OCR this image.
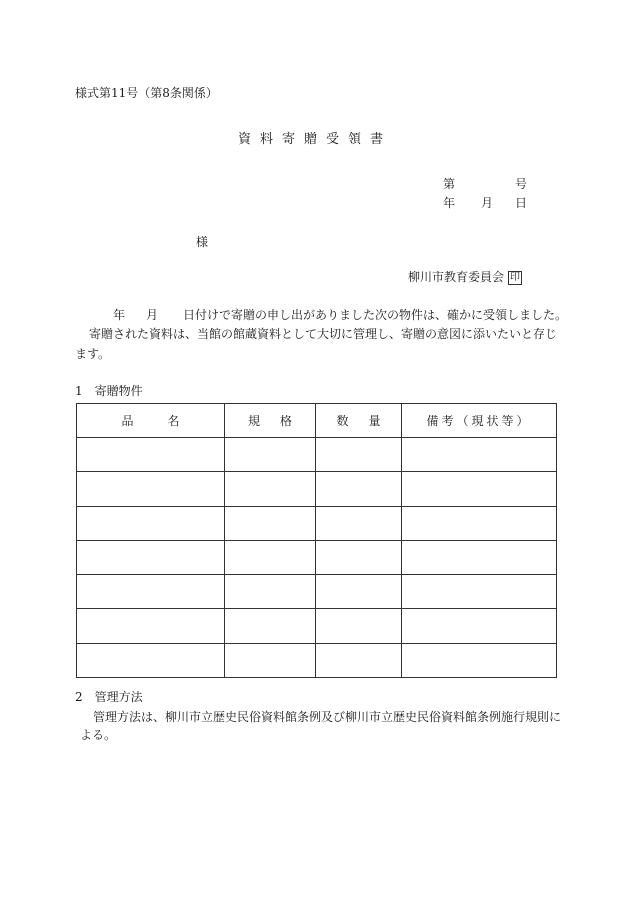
様式第11号（第8条関係）
資料寄贈受領書
第	号
年 月 日
様
柳川市教育委員会 印
年 月 日付けで寄贈の申し出がありました次の物件は、確かに受領しました。
寄贈された資料は、当館の館蔵資料として大切に管理し、寄贈の意図に添いたいと存じ
ます。
1　寄贈物件
品名	規格	数量	備考（現状等）

2　管理方法
管理方法は、柳川市立歴史民俗資料館条例及び柳川市立歴史民俗資料館条例施行規則に
よる。
